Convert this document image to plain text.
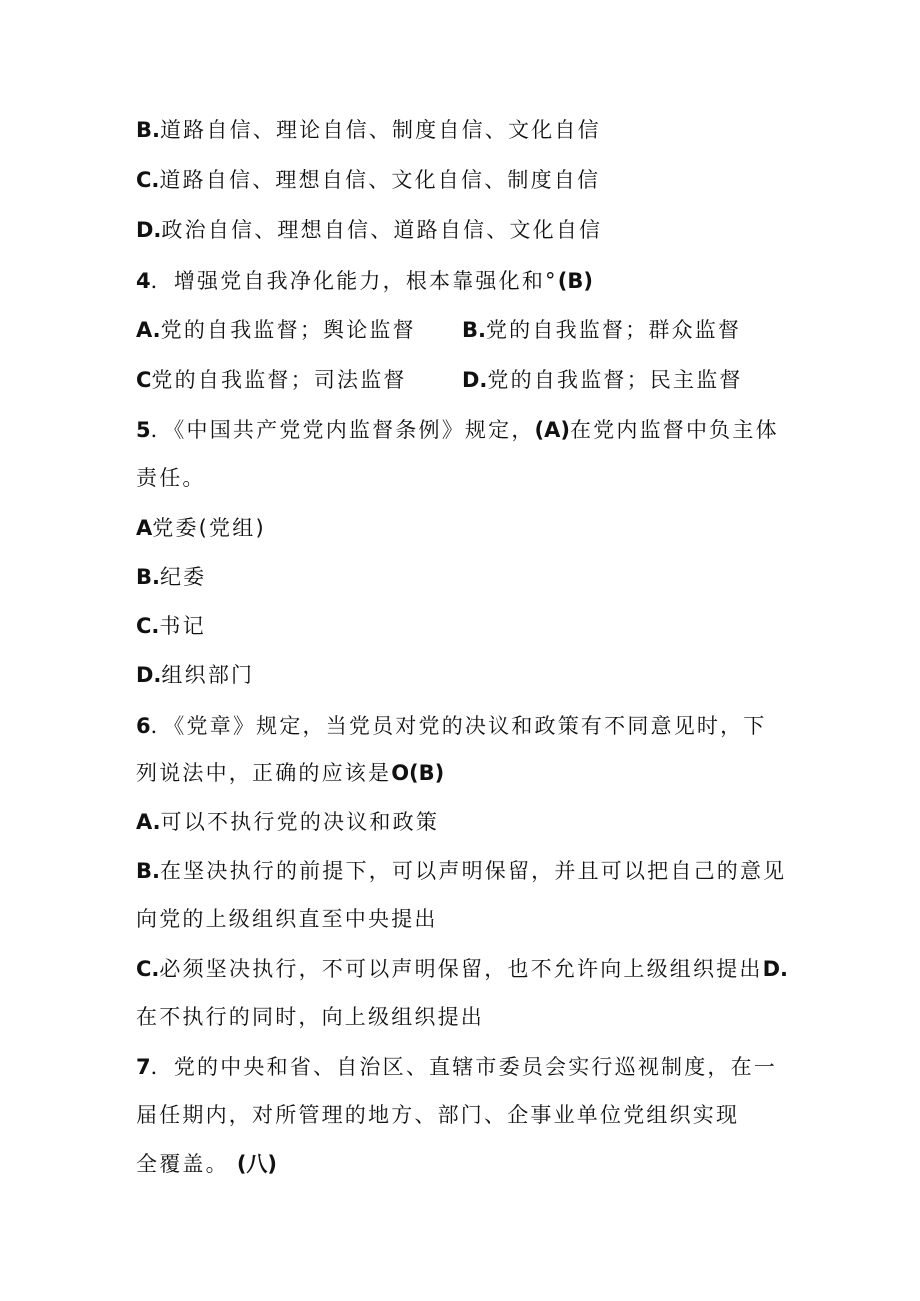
B.道路自信、理论自信、制度自信、文化自信
C.道路自信、理想自信、文化自信、制度自信
D.政治自信、理想自信、道路自信、文化自信
4．增强党自我净化能力，根本靠强化和°(B)
A.党的自我监督；舆论监督 B.党的自我监督；群众监督
C党的自我监督；司法监督	D.党的自我监督；民主监督
5．《中国共产党党内监督条例》规定，(A)在党内监督中负主体
责任。
A党委(党组)
B.纪委
C.书记
D.组织部门
6．《党章》规定，当党员对党的决议和政策有不同意见时，下
列说法中，正确的应该是O(B)
A.可以不执行党的决议和政策
B.在坚决执行的前提下，可以声明保留，并且可以把自己的意见
向党的上级组织直至中央提出
C.必须坚决执行，不可以声明保留，也不允许向上级组织提出D.
在不执行的同时，向上级组织提出
7．党的中央和省、自治区、直辖市委员会实行巡视制度，在一
届任期内，对所管理的地方、部门、企事业单位党组织实现
全覆盖。 (八)
